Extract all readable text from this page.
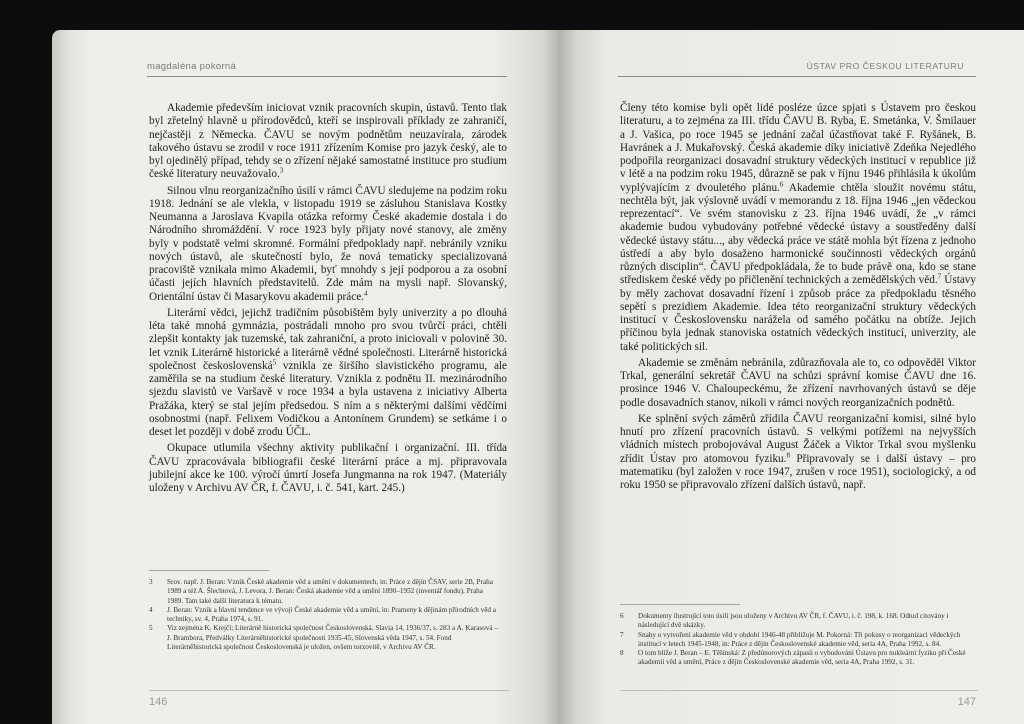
magdaléna pokorná

Akademie především iniciovat vznik pracovních skupin, ústavů. Tento tlak byl zřetelný hlavně u přírodovědců, kteří se inspirovali příklady ze zahraničí, nejčastěji z Německa. ČAVU se novým podnětům neuzavírala, zárodek takového ústavu se zrodil v roce 1911 zřízením Komise pro jazyk český, ale to byl ojedinělý případ, tehdy se o zřízení nějaké samostatné instituce pro studium české literatury neuvažovalo.$^3$

Silnou vlnu reorganizačního úsilí v rámci ČAVU sledujeme na podzim roku 1918. Jednání se ale vlekla, v listopadu 1919 se zásluhou Stanislava Kostky Neumanna a Jaroslava Kvapila otázka reformy České akademie dostala i do Národního shromáždění. V roce 1923 byly přijaty nové stanovy, ale změny byly v podstatě velmi skromné. Formální předpoklady např. nebránily vzniku nových ústavů, ale skutečností bylo, že nová tematicky specializovaná pracoviště vznikala mimo Akademii, byť mnohdy s její podporou a za osobní účasti jejích hlavních představitelů. Zde mám na mysli např. Slovanský, Orientální ústav či Masarykovu akademii práce.$^4$

Literární vědci, jejichž tradičním působištěm byly univerzity a po dlouhá léta také mnohá gymnázia, postrádali mnoho pro svou tvůrčí práci, chtěli zlepšit kontakty jak tuzemské, tak zahraniční, a proto iniciovali v polovině 30. let vznik Literárně historické a literárně vědné společnosti. Literárně historická společnost československá$^5$ vznikla ze širšího slavistického programu, ale zaměřila se na studium české literatury. Vznikla z podnětu II. mezinárodního sjezdu slavistů ve Varšavě v roce 1934 a byla ustavena z iniciativy Alberta Pražáka, který se stal jejím předsedou. S ním a s některými dalšími vědčími osobnostmi (např. Felixem Vodičkou a Antonínem Grundem) se setkáme i o deset let později v době zrodu ÚČL.

Okupace utlumila všechny aktivity publikační i organizační. III. třída ČAVU zpracovávala bibliografii české literární práce a mj. připravovala jubilejní akce ke 100. výročí úmrtí Josefa Jungmanna na rok 1947. (Materiály uloženy v Archivu AV ČR, f. ČAVU, i. č. 541, kart. 245.)

3	Srov. např. J. Beran: Vznik České akademie věd a umění v dokumentech, in: Práce z dějin ČSAV, serie 2B, Praha 1989 a též A. Šlechtová, J. Levora, J. Beran: Česká akademie věd a umění 1890–1952 (inventář fondu), Praha 1989. Tam také další literatura k tématu.
4	J. Beran: Vznik a hlavní tendence ve vývoji České akademie věd a umění, in: Prameny k dějinám přírodních věd a techniky, sv. 4, Praha 1974, s. 91.
5	Viz zejména K. Krejčí: Literárně historická společnost Československá, Slavia 14, 1936/37, s. 283 a A. Karasová – J. Brambora, Předválky Literárněhistorické společnosti 1935-45, Slovenská věda 1947, s. 54. Fond Literárněhistorická společnost Československá je uložen, ovšem torzovitě, v Archivu AV ČR.
146
ÚSTAV PRO ČESKOU LITERATURU

Členy této komise byli opět lidé posléze úzce spjati s Ústavem pro českou literaturu, a to zejména za III. třídu ČAVU B. Ryba, E. Smetánka, V. Šmilauer a J. Vašica, po roce 1945 se jednání začal účastňovat také F. Ryšánek, B. Havránek a J. Mukařovský. Česká akademie díky iniciativě Zdeňka Nejedlého podpořila reorganizaci dosavadní struktury vědeckých institucí v republice již v létě a na podzim roku 1945, důrazně se pak v říjnu 1946 přihlásila k úkolům vyplývajícím z dvouletého plánu.$^6$ Akademie chtěla sloužit novému státu, nechtěla být, jak výslovně uvádí v memorandu z 18. října 1946 „jen vědeckou reprezentací“. Ve svém stanovisku z 23. října 1946 uvádí, že „v rámci akademie budou vybudovány potřebné vědecké ústavy a soustředěny další vědecké ústavy státu..., aby vědecká práce ve státě mohla být řízena z jednoho ústředí a aby bylo dosaženo harmonické součinnosti vědeckých orgánů různých disciplin“. ČAVU předpokládala, že to bude právě ona, kdo se stane střediskem české vědy po přičlenění technických a zemědělských věd.$^7$ Ústavy by měly zachovat dosavadní řízení i způsob práce za předpokladu těsného sepětí s prezidiem Akademie. Idea této reorganizační struktury vědeckých institucí v Československu narážela od samého počátku na obtíže. Jejich příčinou byla jednak stanoviska ostatních vědeckých institucí, univerzity, ale také politických sil.

Akademie se změnám nebránila, zdůrazňovala ale to, co odpověděl Viktor Trkal, generální sekretář ČAVU na schůzi správní komise ČAVU dne 16. prosince 1946 V. Chaloupeckému, že zřízení navrhovaných ústavů se děje podle dosavadních stanov, nikoli v rámci nových reorganizačních podnětů.

Ke splnění svých záměrů zřídila ČAVU reorganizační komisi, silné bylo hnutí pro zřízení pracovních ústavů. S velkými potížemi na nejvyšších vládních místech probojovával August Žáček a Viktor Trkal svou myšlenku zřídit Ústav pro atomovou fyziku.$^8$ Připravovaly se i další ústavy – pro matematiku (byl založen v roce 1947, zrušen v roce 1951), sociologický, a od roku 1950 se připravovalo zřízení dalších ústavů, např.

6	Dokumenty ilustrující toto úsilí jsou uloženy v Archivu AV ČR, f. ČAVU, i. č. 198, k. 168. Odtud citovány i následující dvě ukázky.
7	Snahy o vytvoření akademie věd v období 1946-48 přibližuje M. Pokorná: Tři pokusy o reorganizaci vědeckých institucí v letech 1945-1948, in: Práce z dějin Československé akademie věd, seria 4A, Praha 1992, s. 84.
8	O tom blíže J. Beran – E. Těšínská: Z předúnorových zápasů o vybudování Ústavu pro nukleární fyziku při České akademii věd a umění, Práce z dějin Československé akademie věd, seria 4A, Praha 1992, s. 31.
147
